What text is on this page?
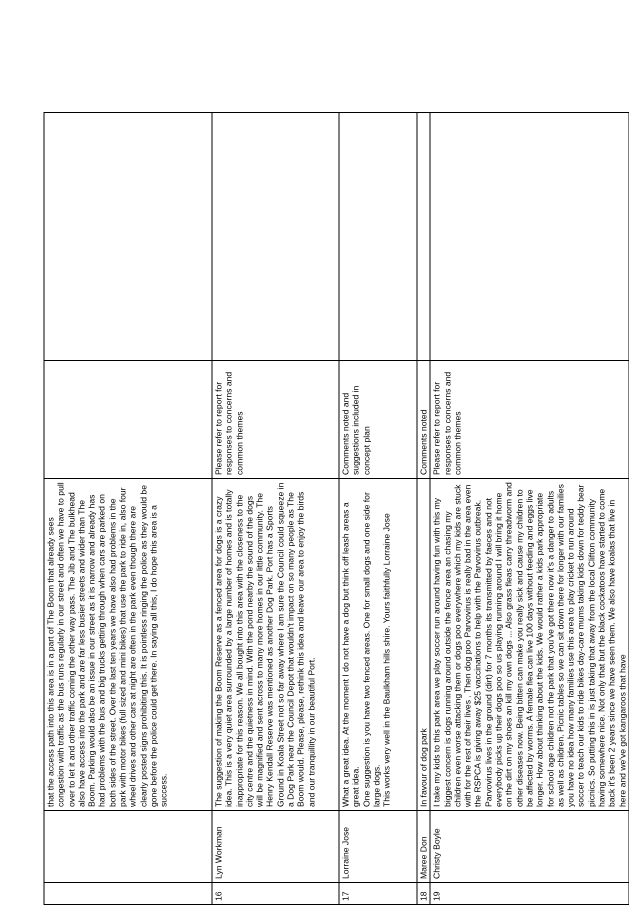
		that the access path into this area is in a part of The Boom that already sees congestion with traffic as the bus runs regularly in our street and often we have to pull over to let it and other traffic coming the other way pass. The Jib and The bulkhead also have access into the park and are far less busier streets and wider than The Boom. Parking would also be an issue in our street as it is narrow and already has had problems with the bus and big trucks getting through when cars are parked on both sides of the street. Over the last ten years we have also had problems in the park with motor bikes (full sized and mini bikes) that use the park to ride in, also four wheel drives and other cars at night are often in the park even though there are clearly posted signs prohibiting this. It is pointless ringing the police as they would be gone before the police could get there. In saying all this, I do hope this area is a success.		

16	Lyn Workman	The suggestion of making the Boom Reserve as a fenced area for dogs is a crazy idea. This is a very quiet area surrounded by a large number of homes and is totally inappropriate for this reason. We all bought into this area with the closeness to the city centre and the quietness in mind. With the pond nearby the sound of the dogs will be magnified and sent across to many more homes in our little community. The Henry Kendall Reserve was mentioned as another Dog Park. Port has a Sports Ground in Koala Street not so far away where I am sure the Council could squeeze in a Dog Park near the Council Depot that wouldn't impact on so many people as The Boom would. Please, please, rethink this idea and leave our area to enjoy the birds and our tranquillity in our beautiful Port.	Please refer to report for responses to concerns and common themes	
17	Lorraine Jose	What a great idea. At the moment I do not have a dog but think off leash areas a great idea. One suggestion is you have two fenced areas. One for small dogs and one side for large dogs. This works very well in the Baulkham hills shire. Yours faithfully Lorraine Jose	Comments noted and suggestions included in concept plan	
18	Maree Don	In favour of dog park	Comments noted	
19	Christy Boyle	I take my kids to this park area we play soccer run around having fun with this my biggest concern is dogs running around outside the fence area an chasing my children even worse attacking them or dogs poo everywhere which my kids are stuck with for the rest of their lives . Then dog poo Parvovirus is really bad in the area even the RSPCA is giving away $25 vaccinations to help with the Parvovirus outbreak. Parvovirus lives in the ground (dirt) for 7 months its transmitted by faeces and not everybody picks up their dogs poo so us playing running around I will bring it home on the dirt on my shoes an kill my own dogs ... Also grass fleas carry threadworm and other diseases now. Being bitten can make you really sick and cause my children to be affected by worms. A female flea can live 100 days without feeding and eggs live longer. How about thinking about the kids. We would rather a kids park appropriate for school age children not the park that you've got there now it's a danger to adults as well as children. Picnic tables so we can sit down there for longer with our families you have no idea how many families use this area to play cricket to run around soccer to teach our kids to ride bikes day-care mums taking kids down for teddy bear picnics. So putting this in is just taking that away from the local Clifton community having somewhere nice. Not only that but the black cockatoos have started to come back it's been 2 years since we have seen them. We also have koalas that live in here and we've got kangaroos that have	Please refer to report for responses to concerns and common themes	
